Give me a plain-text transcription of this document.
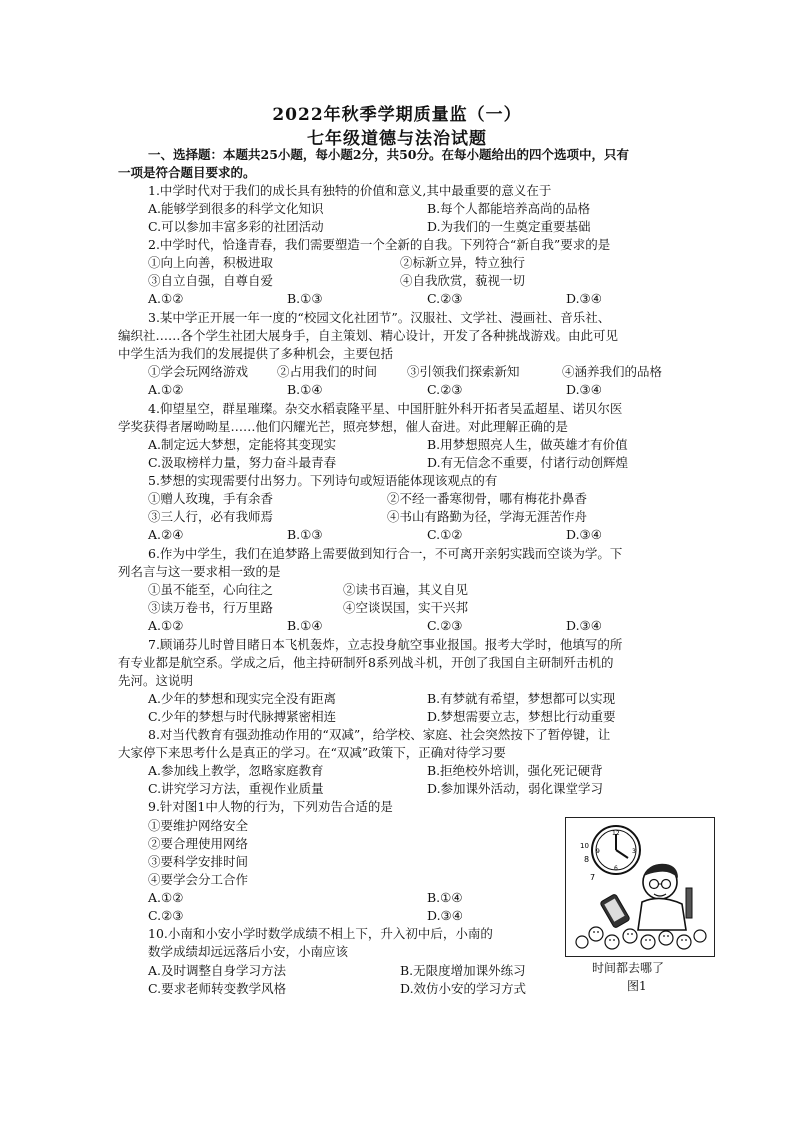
2022年秋季学期质量监（一）
七年级道德与法治试题
一、选择题：本题共25小题，每小题2分，共50分。在每小题给出的四个选项中，只有
一项是符合题目要求的。
1.中学时代对于我们的成长具有独特的价值和意义,其中最重要的意义在于
A.能够学到很多的科学文化知识	B.每个人都能培养高尚的品格
C.可以参加丰富多彩的社团活动	D.为我们的一生奠定重要基础
2.中学时代，恰逢青春，我们需要塑造一个全新的自我。下列符合“新自我”要求的是
①向上向善，积极进取	②标新立异，特立独行
③自立自强，自尊自爱	④自我欣赏，藐视一切
A.①②	B.①③	C.②③	D.③④
3.某中学正开展一年一度的“校园文化社团节”。汉服社、文学社、漫画社、音乐社、
编织社……各个学生社团大展身手，自主策划、精心设计，开发了各种挑战游戏。由此可见
中学生活为我们的发展提供了多种机会，主要包括
①学会玩网络游戏 ②占用我们的时间 ③引领我们探索新知	④涵养我们的品格
A.①②	B.①④	C.②③	D.③④
4.仰望星空，群星璀璨。杂交水稻袁隆平星、中国肝脏外科开拓者吴孟超星、诺贝尔医
学奖获得者屠呦呦星……他们闪耀光芒，照亮梦想，催人奋进。对此理解正确的是
A.制定远大梦想，定能将其变现实	B.用梦想照亮人生，做英雄才有价值
C.汲取榜样力量，努力奋斗最青春	D.有无信念不重要，付诸行动创辉煌
5.梦想的实现需要付出努力。下列诗句或短语能体现该观点的有
①赠人玫瑰，手有余香	②不经一番寒彻骨，哪有梅花扑鼻香
③三人行，必有我师焉	④书山有路勤为径，学海无涯苦作舟
A.②④	B.①③	C.①②	D.③④
6.作为中学生，我们在追梦路上需要做到知行合一，不可离开亲躬实践而空谈为学。下
列名言与这一要求相一致的是
①虽不能至，心向往之	②读书百遍，其义自见
③读万卷书，行万里路	④空谈误国，实干兴邦
A.①②	B.①④	C.②③	D.③④
7.顾诵芬儿时曾目睹日本飞机轰炸，立志投身航空事业报国。报考大学时，他填写的所
有专业都是航空系。学成之后，他主持研制歼8系列战斗机，开创了我国自主研制歼击机的
先河。这说明
A.少年的梦想和现实完全没有距离	B.有梦就有希望，梦想都可以实现
C.少年的梦想与时代脉搏紧密相连	D.梦想需要立志，梦想比行动重要
8.对当代教育有强劲推动作用的“双减”，给学校、家庭、社会突然按下了暂停键，让
大家停下来思考什么是真正的学习。在“双减”政策下，正确对待学习要
A.参加线上教学，忽略家庭教育	B.拒绝校外培训，强化死记硬背
C.讲究学习方法，重视作业质量	D.参加课外活动，弱化课堂学习
9.针对图1中人物的行为，下列劝告合适的是
①要维护网络安全
②要合理使用网络
③要科学安排时间
④要学会分工合作
A.①②	B.①④
C.②③	D.③④
10.小南和小安小学时数学成绩不相上下，升入初中后，小南的
数学成绩却远远落后小安，小南应该
A.及时调整自身学习方法	B.无限度增加课外练习
C.要求老师转变教学风格	D.效仿小安的学习方式
12
9	3
6
8
7
10
时间都去哪了
图1
